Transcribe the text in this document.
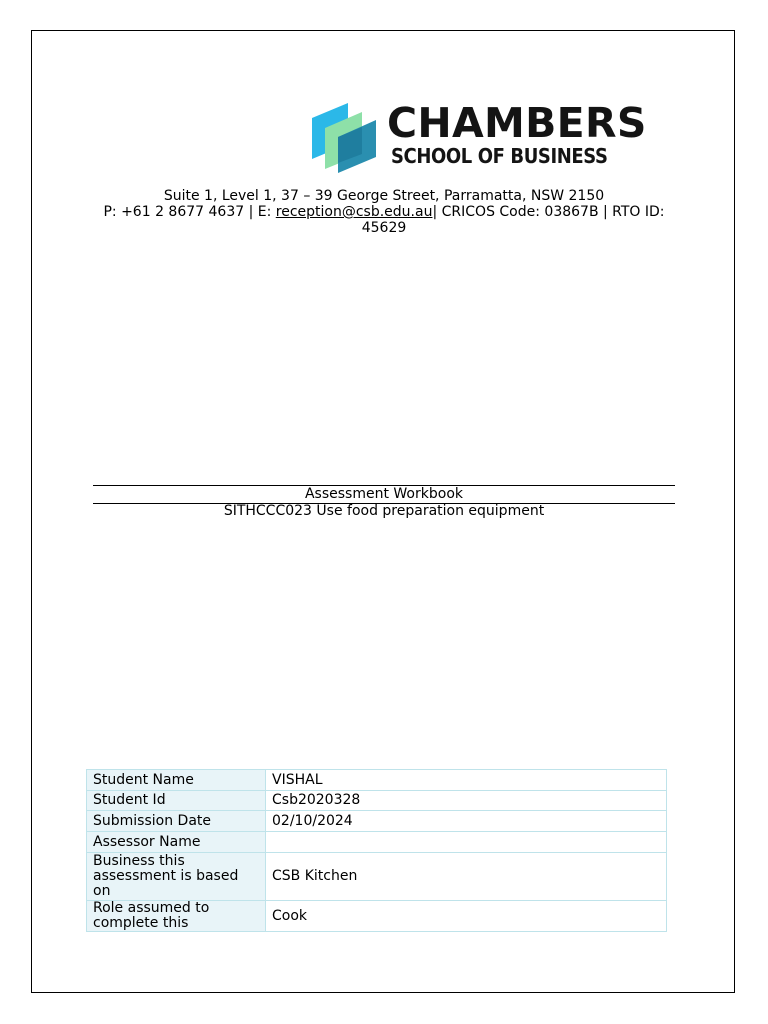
CHAMBERS
SCHOOL OF BUSINESS
Suite 1, Level 1, 37 – 39 George Street, Parramatta, NSW 2150
P: +61 2 8677 4637 | E: reception@csb.edu.au| CRICOS Code: 03867B | RTO ID: 45629
Assessment Workbook
SITHCCC023 Use food preparation equipment
Student Name	VISHAL
Student Id	Csb2020328
Submission Date	02/10/2024
Assessor Name	
Business this assessment is based on	CSB Kitchen
Role assumed to complete this	Cook
